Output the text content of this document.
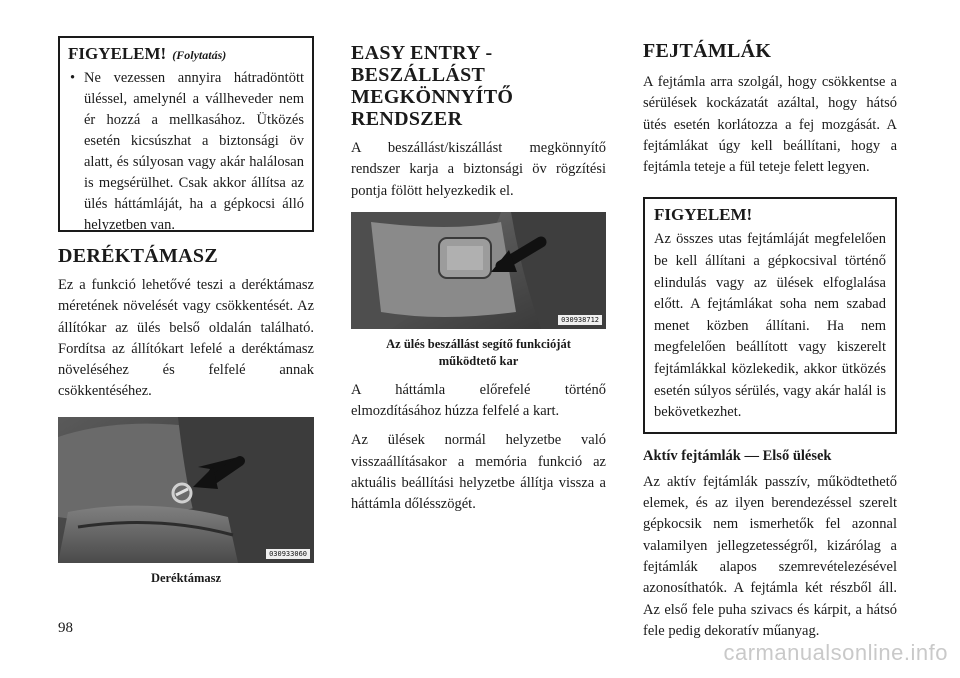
FIGYELEM! (Folytatás)
• Ne vezessen annyira hátradöntött üléssel, amelynél a vállheveder nem ér hozzá a mellkasához. Ütközés esetén kicsúszhat a biztonsági öv alatt, és súlyosan vagy akár halálosan is megsérülhet. Csak akkor állítsa az ülés háttámláját, ha a gépkocsi álló helyzetben van.
DERÉKTÁMASZ

Ez a funkció lehetővé teszi a deréktámasz méretének növelését vagy csökkentését. Az állítókar az ülés belső oldalán található. Fordítsa az állítókart lefelé a deréktámasz növeléséhez és felfelé annak csökkentéséhez.

030933060

Deréktámasz

EASY ENTRY -
BESZÁLLÁST
MEGKÖNNYÍTŐ
RENDSZER

A beszállást/kiszállást megkönnyítő rendszer karja a biztonsági öv rögzítési pontja fölött helyezkedik el.

030938712

Az ülés beszállást segítő funkcióját
működtető kar

A háttámla előrefelé történő elmozdításához húzza felfelé a kart.

Az ülések normál helyzetbe való visszaállításakor a memória funkció az aktuális beállítási helyzetbe állítja vissza a háttámla dőlésszögét.

FEJTÁMLÁK

A fejtámla arra szolgál, hogy csökkentse a sérülések kockázatát azáltal, hogy hátsó ütés esetén korlátozza a fej mozgását. A fejtámlákat úgy kell beállítani, hogy a fejtámla teteje a fül teteje felett legyen.

FIGYELEM!

Az összes utas fejtámláját megfelelően be kell állítani a gépkocsival történő elindulás vagy az ülések elfoglalása előtt. A fejtámlákat soha nem szabad menet közben állítani. Ha nem megfelelően beállított vagy kiszerelt fejtámlákkal közlekedik, akkor ütközés esetén súlyos sérülés, vagy akár halál is bekövetkezhet.

Aktív fejtámlák — Első ülések

Az aktív fejtámlák passzív, működtethető elemek, és az ilyen berendezéssel szerelt gépkocsik nem ismerhetők fel azonnal valamilyen jellegzetességről, kizárólag a fejtámlák alapos szemrevételezésével azonosíthatók. A fejtámla két részből áll. Az első fele puha szivacs és kárpit, a hátsó fele pedig dekoratív műanyag.

98
carmanualsonline.info
